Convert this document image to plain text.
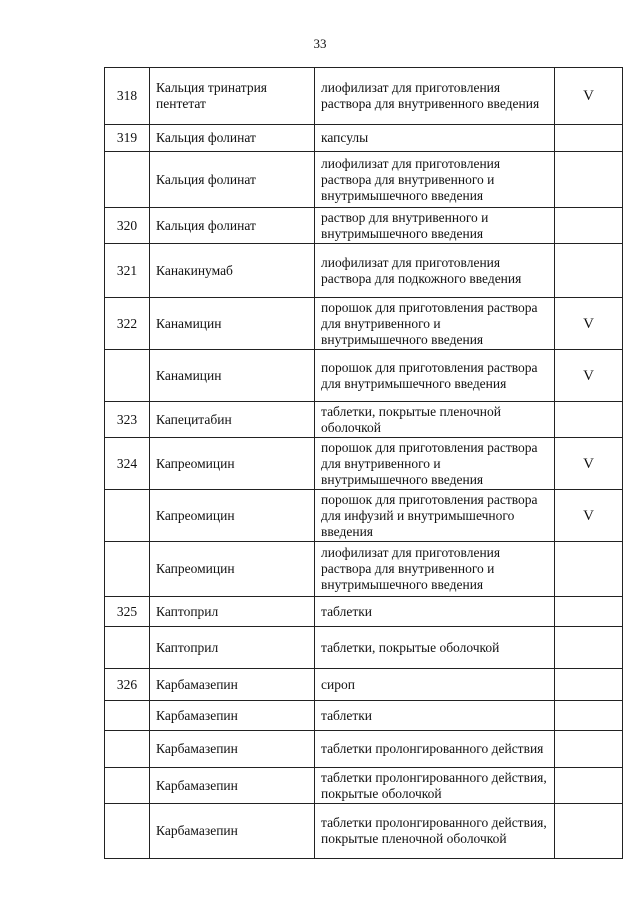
33
318	Кальция тринатрия пентетат	лиофилизат для приготовления раствора для внутривенного введения	V
319	Кальция фолинат	капсулы	
	Кальция фолинат	лиофилизат для приготовления раствора для внутривенного и внутримышечного введения	
320	Кальция фолинат	раствор для внутривенного и внутримышечного введения	
321	Канакинумаб	лиофилизат для приготовления раствора для подкожного введения	
322	Канамицин	порошок для приготовления раствора для внутривенного и внутримышечного введения	V
	Канамицин	порошок для приготовления раствора для внутримышечного введения	V
323	Капецитабин	таблетки, покрытые пленочной оболочкой	
324	Капреомицин	порошок для приготовления раствора для внутривенного и внутримышечного введения	V
	Капреомицин	порошок для приготовления раствора для инфузий и внутримышечного введения	V
	Капреомицин	лиофилизат для приготовления раствора для внутривенного и внутримышечного введения	
325	Каптоприл	таблетки	
	Каптоприл	таблетки, покрытые оболочкой	
326	Карбамазепин	сироп	
	Карбамазепин	таблетки	
	Карбамазепин	таблетки пролонгированного действия	
	Карбамазепин	таблетки пролонгированного действия, покрытые оболочкой	
	Карбамазепин	таблетки пролонгированного действия, покрытые пленочной оболочкой	
